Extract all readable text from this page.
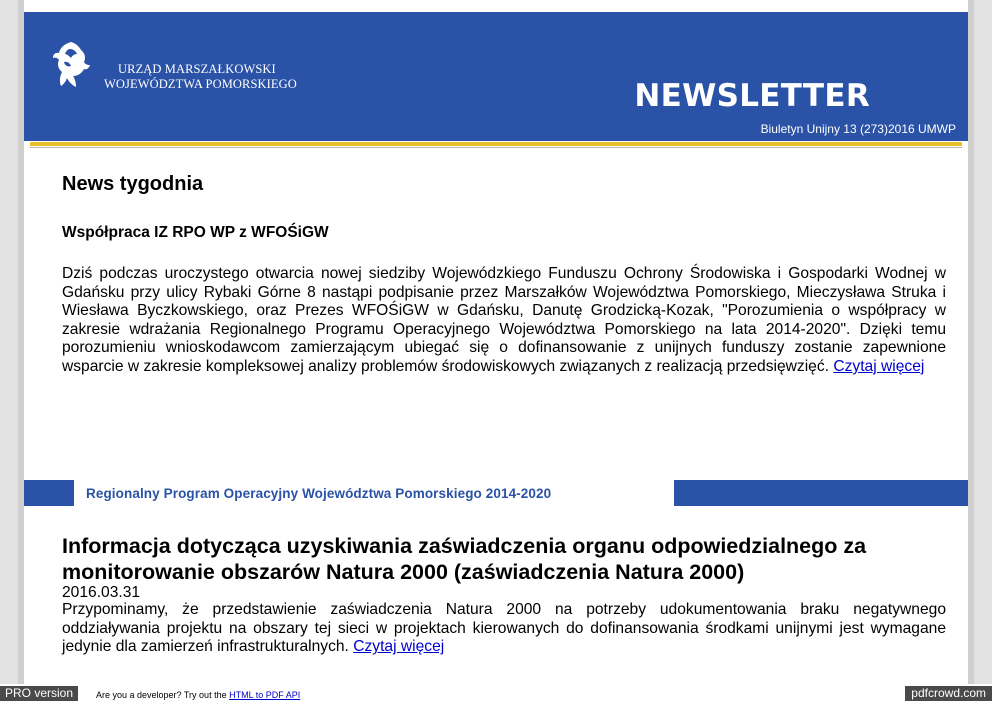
URZĄD MARSZAŁKOWSKI
WOJEWÓDZTWA POMORSKIEGO	NEWSLETTER
Biuletyn Unijny 13 (273)2016 UMWP
News tygodnia
Współpraca IZ RPO WP z WFOŚiGW
Dziś podczas uroczystego otwarcia nowej siedziby Wojewódzkiego Funduszu Ochrony Środowiska i Gospodarki Wodnej w Gdańsku przy ulicy Rybaki Górne 8 nastąpi podpisanie przez Marszałków Województwa Pomorskiego, Mieczysława Struka i Wiesława Byczkowskiego, oraz Prezes WFOŚiGW w Gdańsku, Danutę Grodzicką-Kozak, "Porozumienia o współpracy w zakresie wdrażania Regionalnego Programu Operacyjnego Województwa Pomorskiego na lata 2014-2020". Dzięki temu porozumieniu wnioskodawcom zamierzającym ubiegać się o dofinansowanie z unijnych funduszy zostanie zapewnione wsparcie w zakresie kompleksowej analizy problemów środowiskowych związanych z realizacją przedsięwzięć. Czytaj więcej
Regionalny Program Operacyjny Województwa Pomorskiego 2014-2020
Informacja dotycząca uzyskiwania zaświadczenia organu odpowiedzialnego za monitorowanie obszarów Natura 2000 (zaświadczenia Natura 2000)
2016.03.31
Przypominamy, że przedstawienie zaświadczenia Natura 2000 na potrzeby udokumentowania braku negatywnego oddziaływania projektu na obszary tej sieci w projektach kierowanych do dofinansowania środkami unijnymi jest wymagane jedynie dla zamierzeń infrastrukturalnych. Czytaj więcej
PRO version	Are you a developer? Try out the HTML to PDF API	pdfcrowd.com
